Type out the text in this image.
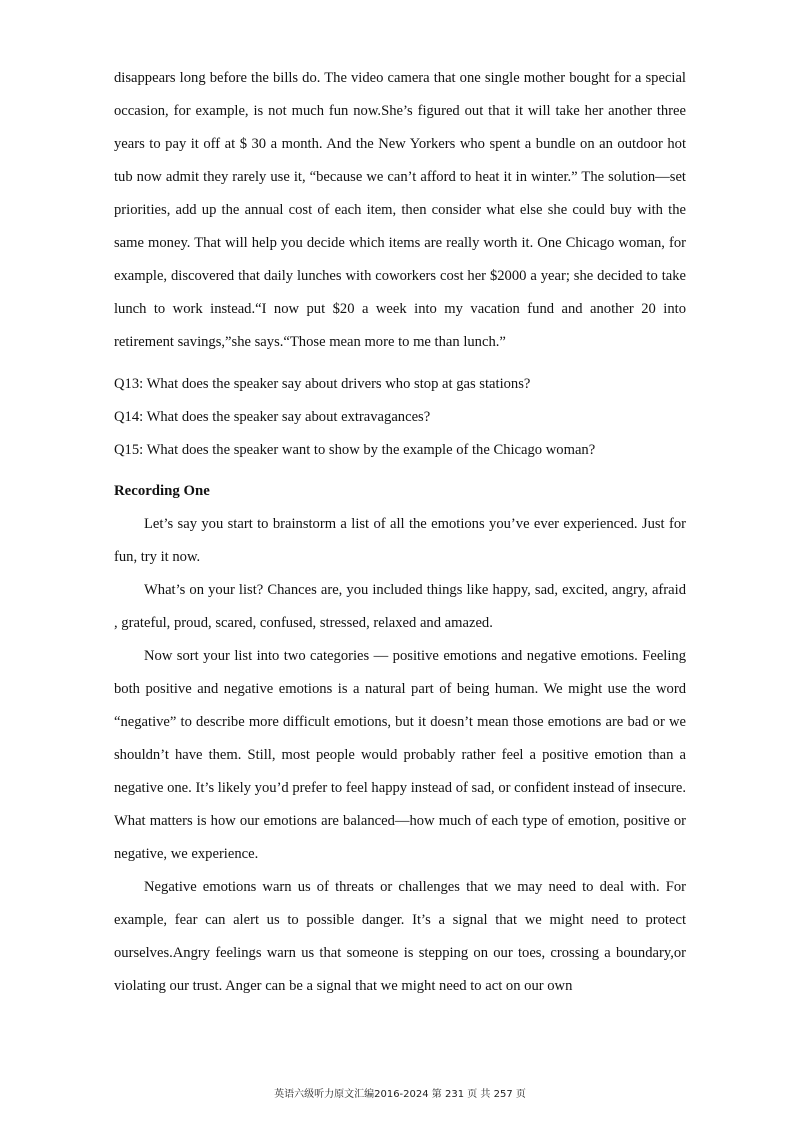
disappears long before the bills do. The video camera that one single mother bought for a special occasion, for example, is not much fun now.She’s figured out that it will take her another three years to pay it off at $ 30 a month. And the New Yorkers who spent a bundle on an outdoor hot tub now admit they rarely use it, “because we can’t afford to heat it in winter.” The solution—set priorities, add up the annual cost of each item, then consider what else she could buy with the same money. That will help you decide which items are really worth it. One Chicago woman, for example, discovered that daily lunches with coworkers cost her $2000 a year; she decided to take lunch to work instead.“I now put $20 a week into my vacation fund and another 20 into retirement savings,”she says.“Those mean more to me than lunch.”

Q13: What does the speaker say about drivers who stop at gas stations?

Q14: What does the speaker say about extravagances?

Q15: What does the speaker want to show by the example of the Chicago woman?

Recording One

Let’s say you start to brainstorm a list of all the emotions you’ve ever experienced. Just for fun, try it now.

What’s on your list? Chances are, you included things like happy, sad, excited, angry, afraid , grateful, proud, scared, confused, stressed, relaxed and amazed.

Now sort your list into two categories — positive emotions and negative emotions. Feeling both positive and negative emotions is a natural part of being human. We might use the word “negative” to describe more difficult emotions, but it doesn’t mean those emotions are bad or we shouldn’t have them. Still, most people would probably rather feel a positive emotion than a negative one. It’s likely you’d prefer to feel happy instead of sad, or confident instead of insecure. What matters is how our emotions are balanced—how much of each type of emotion, positive or negative, we experience.

Negative emotions warn us of threats or challenges that we may need to deal with. For example, fear can alert us to possible danger. It’s a signal that we might need to protect ourselves.Angry feelings warn us that someone is stepping on our toes, crossing a boundary,or violating our trust. Anger can be a signal that we might need to act on our own

英语六级听力原文汇编2016-2024 第 231 页 共 257 页
